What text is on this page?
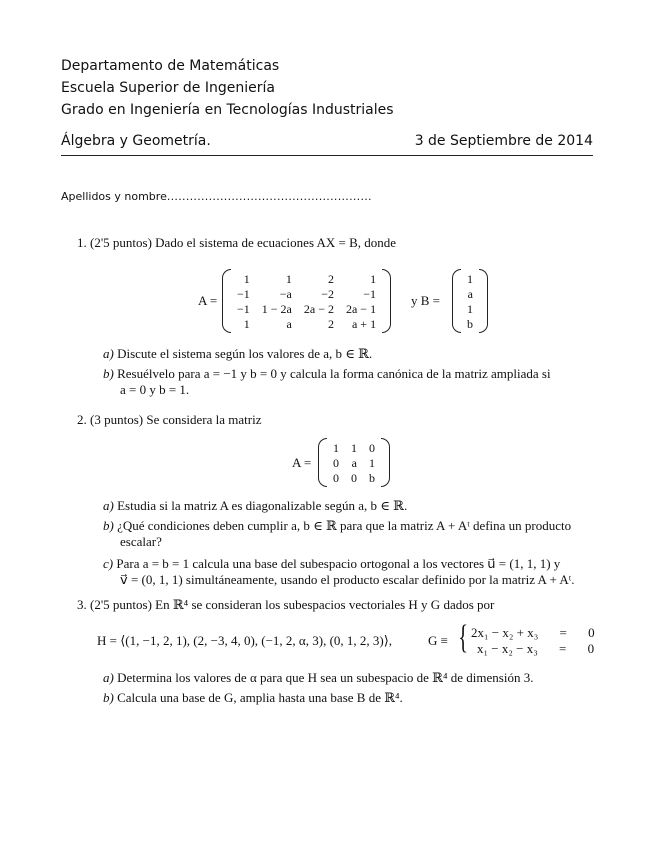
Departamento de Matemáticas
Escuela Superior de Ingeniería
Grado en Ingeniería en Tecnologías Industriales
Álgebra y Geometría.	3 de Septiembre de 2014
Apellidos y nombre......................................................
1. (2'5 puntos) Dado el sistema de ecuaciones AX = B, donde
A =
1	1	2	1
−1	−a	−2	−1
−1	1 − 2a	2a − 2	2a − 1
1	a	2	a + 1
y B =
1
a
1
b
a) Discute el sistema según los valores de a, b ∈ ℝ.
b) Resuélvelo para a = −1 y b = 0 y calcula la forma canónica de la matriz ampliada si
a = 0 y b = 1.
2. (3 puntos) Se considera la matriz
A =
1	1	0
0	a	1
0	0	b
a) Estudia si la matriz A es diagonalizable según a, b ∈ ℝ.
b) ¿Qué condiciones deben cumplir a, b ∈ ℝ para que la matriz A + Aᵗ defina un producto
escalar?
c) Para a = b = 1 calcula una base del subespacio ortogonal a los vectores u⃗ = (1, 1, 1) y
v⃗ = (0, 1, 1) simultáneamente, usando el producto escalar definido por la matriz A + Aᵗ.
3. (2'5 puntos) En ℝ⁴ se consideran los subespacios vectoriales H y G dados por
H = ⟨(1, −1, 2, 1), (2, −3, 4, 0), (−1, 2, α, 3), (0, 1, 2, 3)⟩,	G ≡ { 2x₁ − x₂ + x₃ = 0
x₁ − x₂ − x₃ = 0
a) Determina los valores de α para que H sea un subespacio de ℝ⁴ de dimensión 3.
b) Calcula una base de G, amplia hasta una base B de ℝ⁴.
